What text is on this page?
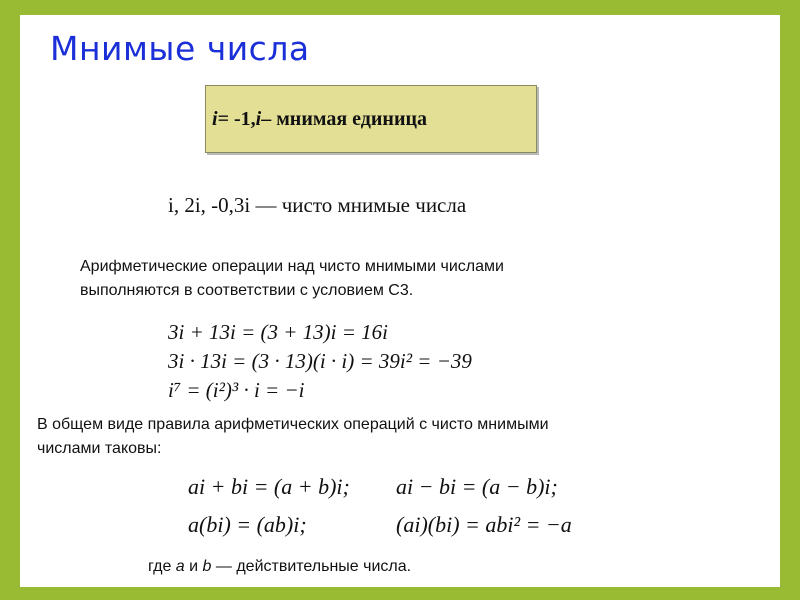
Мнимые числа
i = -1, i – мнимая единица
i, 2i, -0,3i — чисто мнимые числа
Арифметические операции над чисто мнимыми числами
выполняются в соответствии с условием С3.
3i + 13i = (3 + 13)i = 16i
3i · 13i = (3 · 13)(i · i) = 39i² = −39
i⁷ = (i²)³ · i = −i
В общем виде правила арифметических операций с чисто мнимыми
числами таковы:
ai + bi = (a + b)i; ai − bi = (a − b)i;
a(bi) = (ab)i;	(ai)(bi) = abi² = −a
где a и b — действительные числа.
